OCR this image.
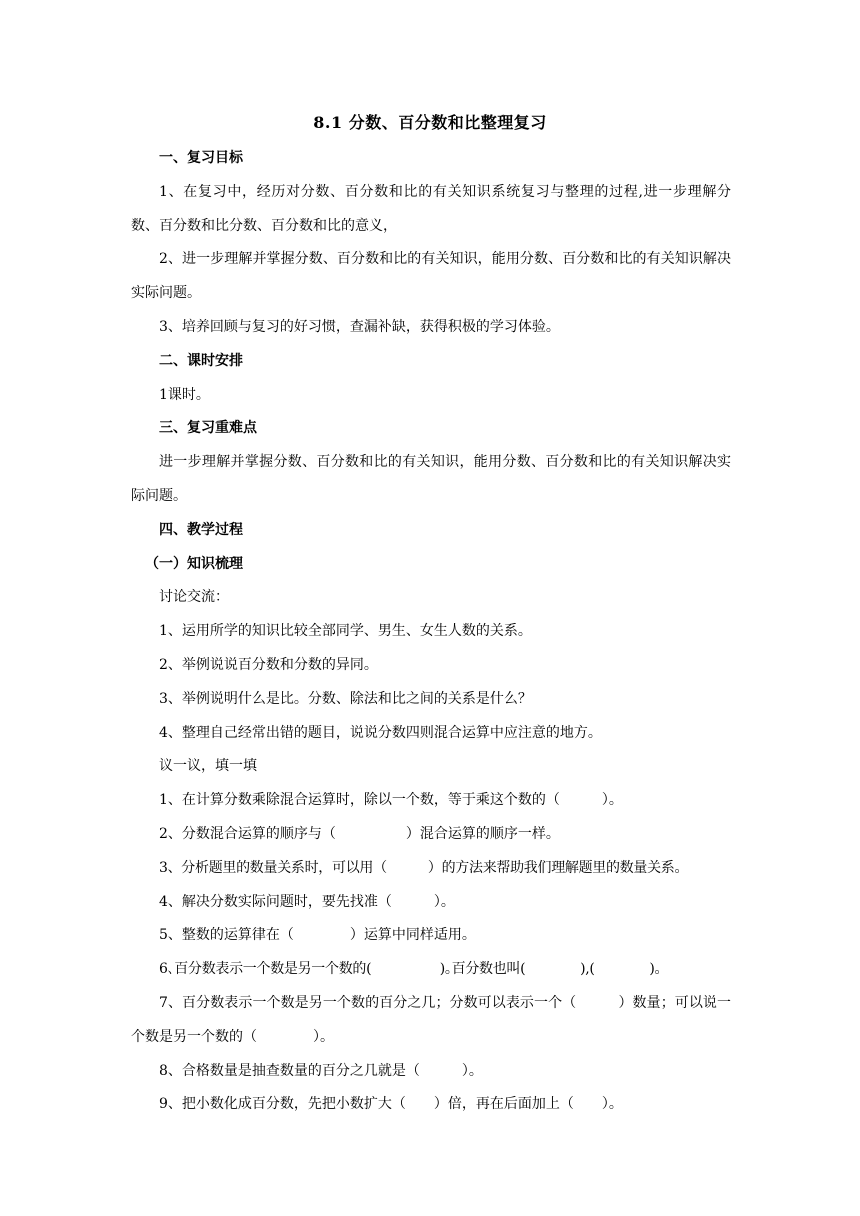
8.1 分数、百分数和比整理复习

一、复习目标

1、在复习中，经历对分数、百分数和比的有关知识系统复习与整理的过程,进一步理解分数、百分数和比分数、百分数和比的意义，

2、进一步理解并掌握分数、百分数和比的有关知识，能用分数、百分数和比的有关知识解决实际问题。

3、培养回顾与复习的好习惯，查漏补缺，获得积极的学习体验。

二、课时安排

1课时。

三、复习重难点

进一步理解并掌握分数、百分数和比的有关知识，能用分数、百分数和比的有关知识解决实际问题。

四、教学过程

（一）知识梳理

讨论交流：

1、运用所学的知识比较全部同学、男生、女生人数的关系。

2、举例说说百分数和分数的异同。

3、举例说明什么是比。分数、除法和比之间的关系是什么？

4、整理自己经常出错的题目，说说分数四则混合运算中应注意的地方。

议一议，填一填

1、在计算分数乘除混合运算时，除以一个数，等于乘这个数的（　　　）。

2、分数混合运算的顺序与（　　　　　）混合运算的顺序一样。

3、分析题里的数量关系时，可以用（　　　）的方法来帮助我们理解题里的数量关系。

4、解决分数实际问题时，要先找准（　　　）。

5、整数的运算律在（　　　　）运算中同样适用。

6､百分数表示一个数是另一个数的(　　　　　)｡百分数也叫(　　　　),(　　　　)｡

7、百分数表示一个数是另一个数的百分之几；分数可以表示一个（　　　）数量；可以说一个数是另一个数的（　　　　）。

8、合格数量是抽查数量的百分之几就是（　　　）。

9、把小数化成百分数，先把小数扩大（　　）倍，再在后面加上（　　）。
